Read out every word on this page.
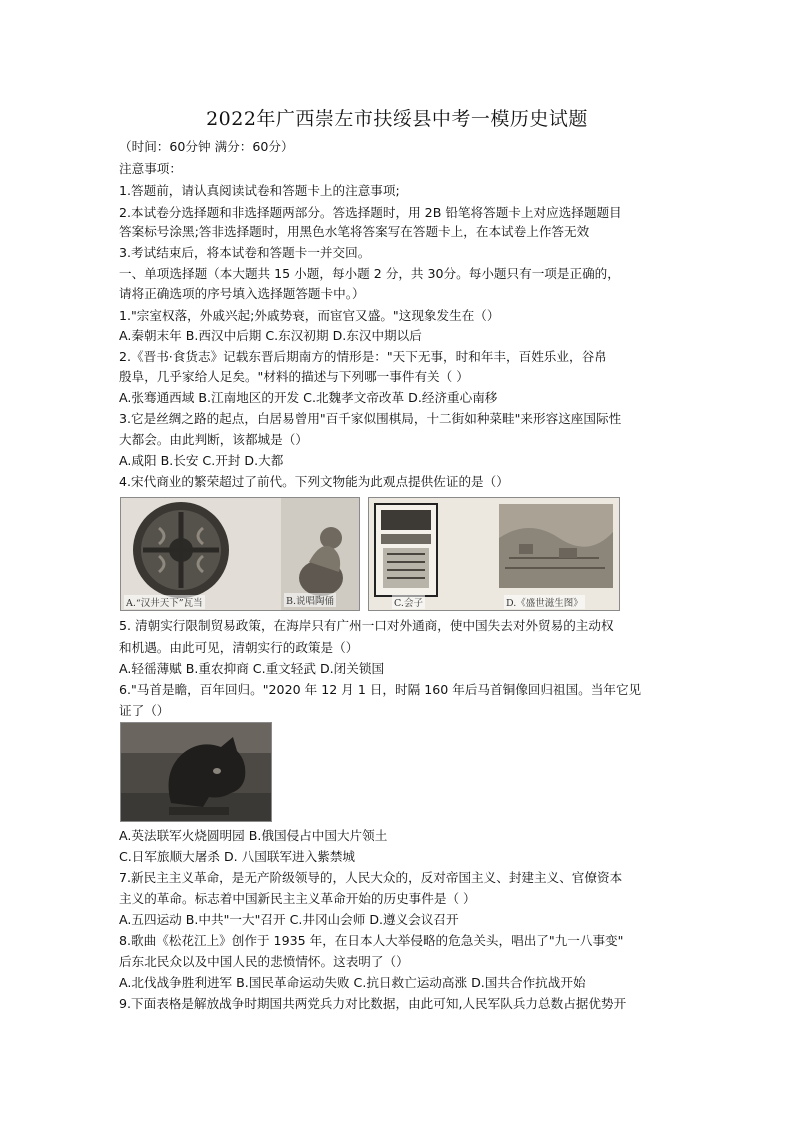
2022年广西崇左市扶绥县中考一模历史试题
（时间：60分钟 满分：60分）
注意事项：
1.答题前，请认真阅读试卷和答题卡上的注意事项;
2.本试卷分选择题和非选择题两部分。答选择题时，用 2B 铅笔将答题卡上对应选择题题目
答案标号涂黑;答非选择题时，用黑色水笔将答案写在答题卡上，在本试卷上作答无效
3.考试结束后，将本试卷和答题卡一并交回。
一、单项选择题（本大题共 15 小题，每小题 2 分，共 30分。每小题只有一项是正确的，
请将正确选项的序号填入选择题答题卡中。）
1."宗室权落，外戚兴起;外戚势衰，而宦官又盛。"这现象发生在（）
A.秦朝末年 B.西汉中后期 C.东汉初期 D.东汉中期以后
2.《晋书·食货志》记载东晋后期南方的情形是："天下无事，时和年丰，百姓乐业，谷帛
殷阜，几乎家给人足矣。"材料的描述与下列哪一事件有关（ ）
A.张骞通西域 B.江南地区的开发 C.北魏孝文帝改革 D.经济重心南移
3.它是丝绸之路的起点，白居易曾用"百千家似围棋局，十二街如种菜畦"来形容这座国际性
大都会。由此判断，该都城是（）
A.咸阳 B.长安 C.开封 D.大都
4.宋代商业的繁荣超过了前代。下列文物能为此观点提供佐证的是（）
A.“汉井天下”瓦当	B.说唱陶俑	C.会子	D.《盛世滋生图》
5. 清朝实行限制贸易政策，在海岸只有广州一口对外通商，使中国失去对外贸易的主动权
和机遇。由此可见，清朝实行的政策是（）
A.轻徭薄赋 B.重农抑商 C.重文轻武 D.闭关锁国
6."马首是瞻，百年回归。"2020 年 12 月 1 日，时隔 160 年后马首铜像回归祖国。当年它见
证了（）
A.英法联军火烧圆明园 B.俄国侵占中国大片领土
C.日军旅顺大屠杀 D. 八国联军进入紫禁城
7.新民主主义革命，是无产阶级领导的，人民大众的，反对帝国主义、封建主义、官僚资本
主义的革命。标志着中国新民主主义革命开始的历史事件是（ ）
A.五四运动 B.中共"一大"召开 C.井冈山会师 D.遵义会议召开
8.歌曲《松花江上》创作于 1935 年，在日本人大举侵略的危急关头，唱出了"九一八事变"
后东北民众以及中国人民的悲愤情怀。这表明了（）
A.北伐战争胜利进军 B.国民革命运动失败 C.抗日救亡运动高涨 D.国共合作抗战开始
9.下面表格是解放战争时期国共两党兵力对比数据，由此可知,人民军队兵力总数占据优势开
